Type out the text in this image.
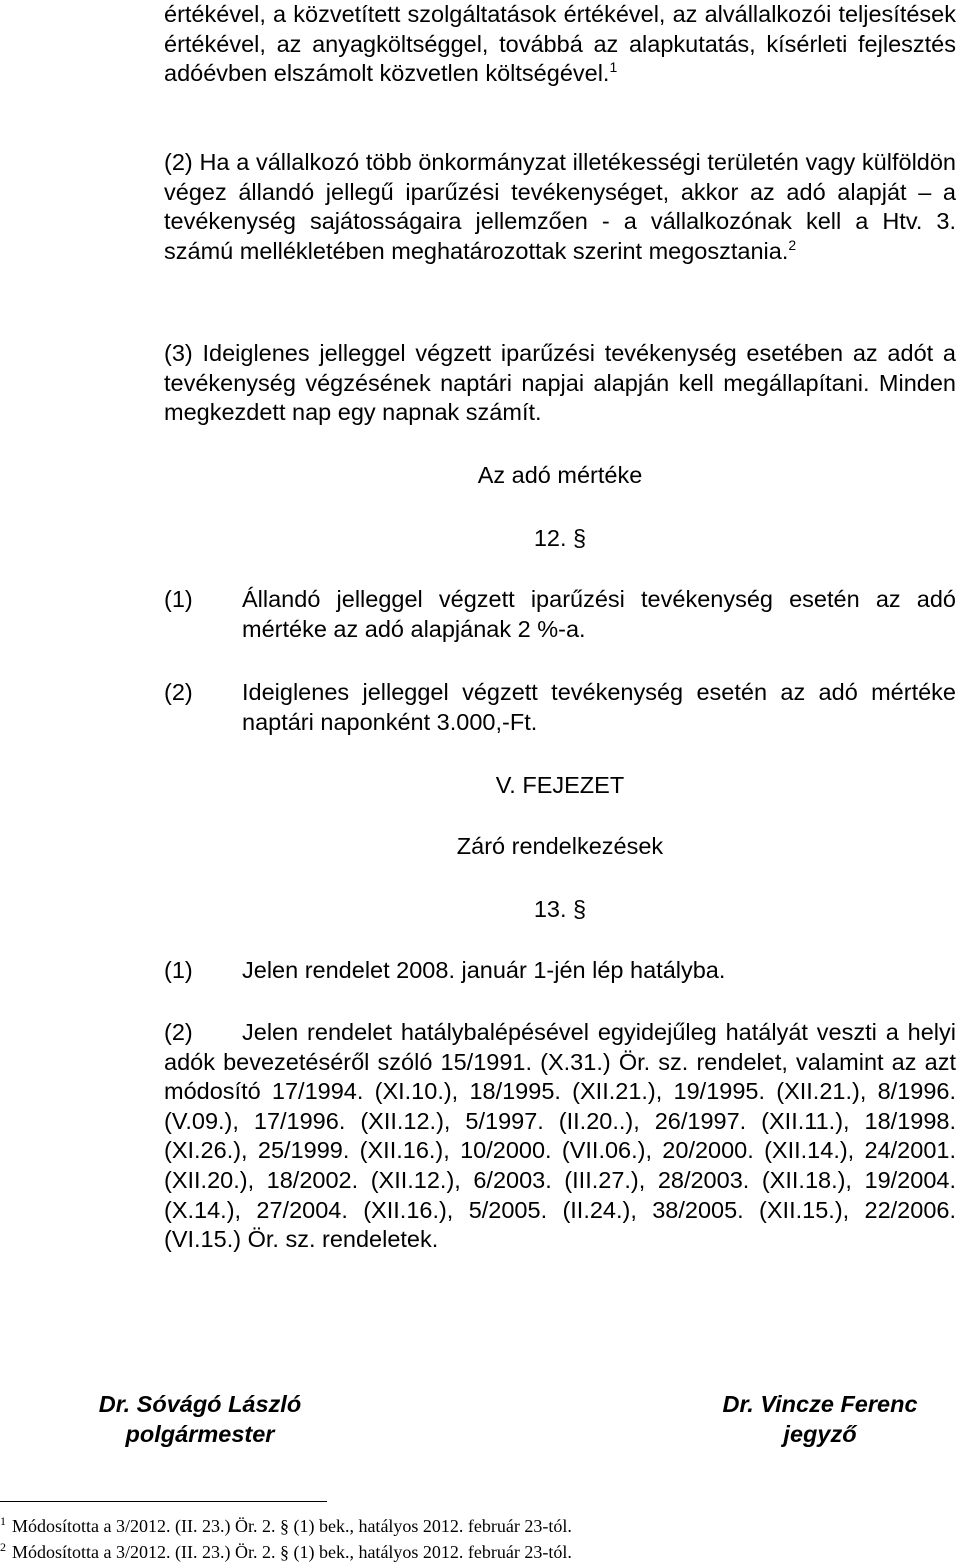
értékével, a közvetített szolgáltatások értékével, az alvállalkozói teljesítések értékével, az anyagköltséggel, továbbá az alapkutatás, kísérleti fejlesztés adóévben elszámolt közvetlen költségével.$^1$

(2) Ha a vállalkozó több önkormányzat illetékességi területén vagy külföldön végez állandó jellegű iparűzési tevékenységet, akkor az adó alapját – a tevékenység sajátosságaira jellemzően - a vállalkozónak kell a Htv. 3. számú mellékletében meghatározottak szerint megosztania.$^2$

(3) Ideiglenes jelleggel végzett iparűzési tevékenység esetében az adót a tevékenység végzésének naptári napjai alapján kell megállapítani. Minden megkezdett nap egy napnak számít.

Az adó mértéke

12. §

(1)	Állandó jelleggel végzett iparűzési tevékenység esetén az adó mértéke az adó alapjának 2 %-a.
(2)	Ideiglenes jelleggel végzett tevékenység esetén az adó mértéke naptári naponként 3.000,-Ft.

V. FEJEZET

Záró rendelkezések

13. §

(1)	Jelen rendelet 2008. január 1-jén lép hatályba.

(2) Jelen rendelet hatálybalépésével egyidejűleg hatályát veszti a helyi adók bevezetéséről szóló 15/1991. (X.31.) Ör. sz. rendelet, valamint az azt módosító 17/1994. (XI.10.), 18/1995. (XII.21.), 19/1995. (XII.21.), 8/1996. (V.09.), 17/1996. (XII.12.), 5/1997. (II.20..), 26/1997. (XII.11.), 18/1998. (XI.26.), 25/1999. (XII.16.), 10/2000. (VII.06.), 20/2000. (XII.14.), 24/2001. (XII.20.), 18/2002. (XII.12.), 6/2003. (III.27.), 28/2003. (XII.18.), 19/2004. (X.14.), 27/2004. (XII.16.), 5/2005. (II.24.), 38/2005. (XII.15.), 22/2006. (VI.15.) Ör. sz. rendeletek.

Dr. Sóvágó László
polgármester
Dr. Vincze Ferenc
jegyző
$^1$ Módosította a 3/2012. (II. 23.) Ör. 2. § (1) bek., hatályos 2012. február 23-tól.
$^2$ Módosította a 3/2012. (II. 23.) Ör. 2. § (1) bek., hatályos 2012. február 23-tól.
